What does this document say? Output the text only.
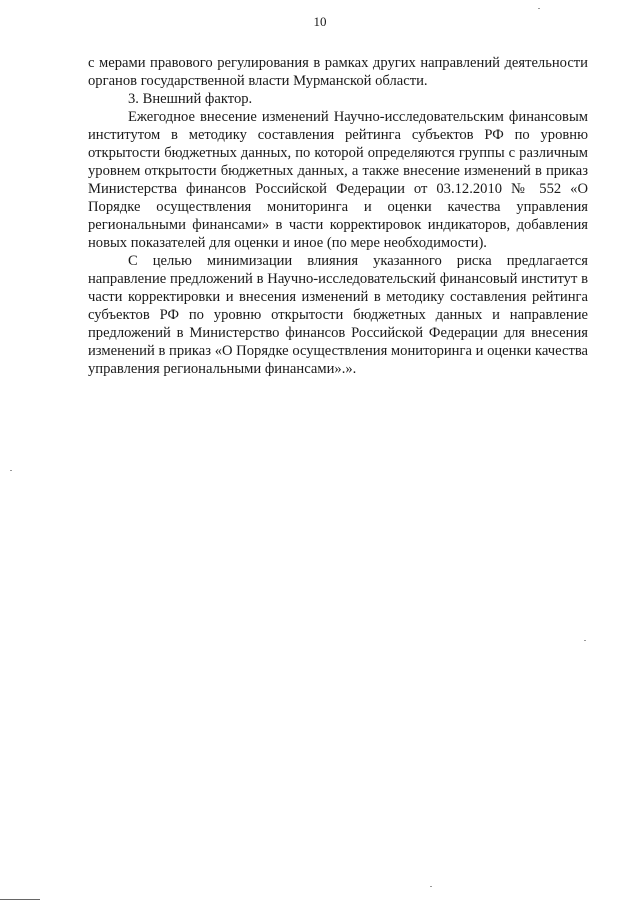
10

с мерами правового регулирования в рамках других направлений деятельности органов государственной власти Мурманской области.

3. Внешний фактор.

Ежегодное внесение изменений Научно-исследовательским финансовым институтом в методику составления рейтинга субъектов РФ по уровню открытости бюджетных данных, по которой определяются группы с различным уровнем открытости бюджетных данных, а также внесение изменений в приказ Министерства финансов Российской Федерации от 03.12.2010 № 552 «О Порядке осуществления мониторинга и оценки качества управления региональными финансами» в части корректировок индикаторов, добавления новых показателей для оценки и иное (по мере необходимости).

С целью минимизации влияния указанного риска предлагается направление предложений в Научно-исследовательский финансовый институт в части корректировки и внесения изменений в методику составления рейтинга субъектов РФ по уровню открытости бюджетных данных и направление предложений в Министерство финансов Российской Федерации для внесения изменений в приказ «О Порядке осуществления мониторинга и оценки качества управления региональными финансами».».
